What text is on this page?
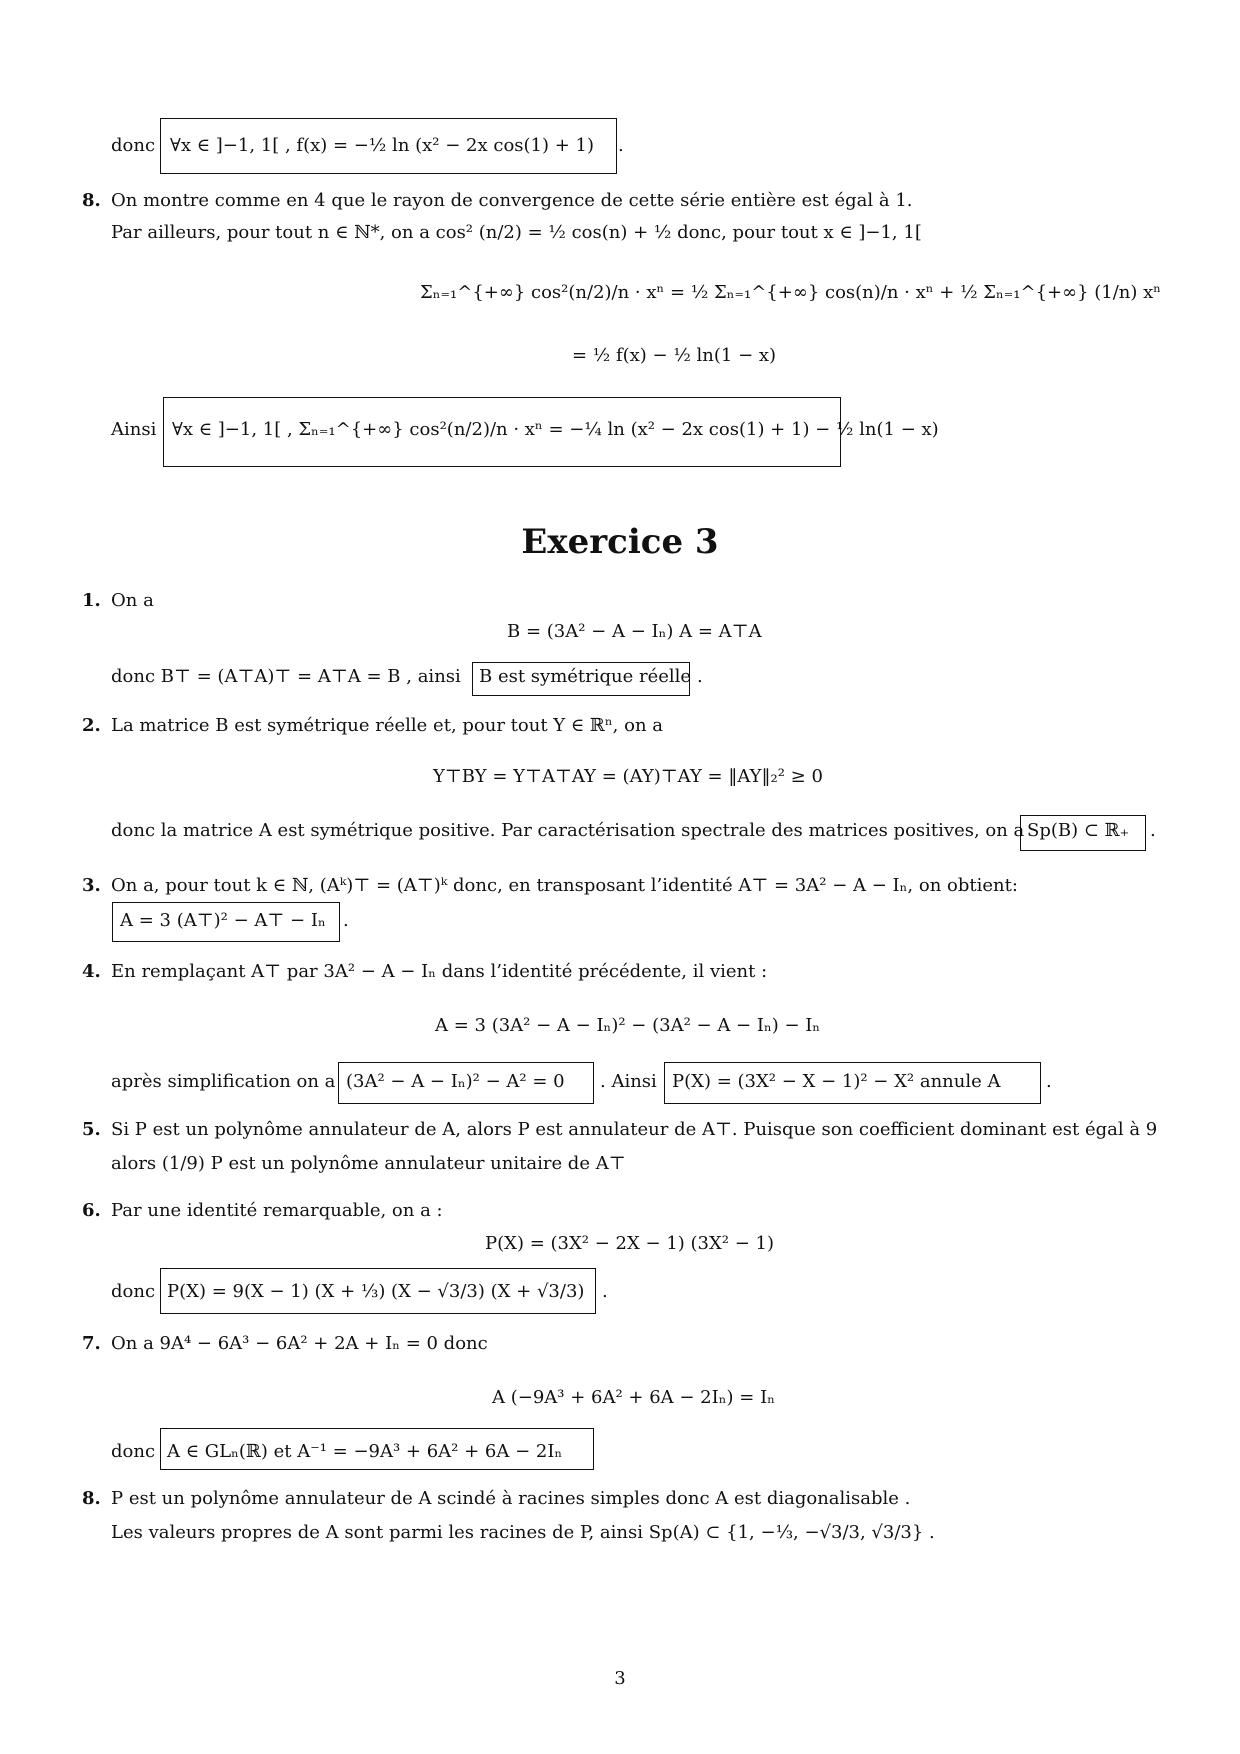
donc ∀x ∈ ]−1, 1[ , f(x) = −½ ln (x² − 2x cos(1) + 1) .
8. On montre comme en 4 que le rayon de convergence de cette série entière est égal à 1.
Par ailleurs, pour tout n ∈ ℕ*, on a cos² (n/2) = ½ cos(n) + ½ donc, pour tout x ∈ ]−1, 1[
Σₙ₌₁^{+∞} cos²(n/2)/n · xⁿ = ½ Σₙ₌₁^{+∞} cos(n)/n · xⁿ + ½ Σₙ₌₁^{+∞} (1/n) xⁿ
= ½ f(x) − ½ ln(1 − x)
Ainsi ∀x ∈ ]−1, 1[ , Σₙ₌₁^{+∞} cos²(n/2)/n · xⁿ = −¼ ln (x² − 2x cos(1) + 1) − ½ ln(1 − x)
Exercice 3
1. On a
B = (3A² − A − Iₙ) A = A⊤A
donc B⊤ = (A⊤A)⊤ = A⊤A = B , ainsi B est symétrique réelle .
2. La matrice B est symétrique réelle et, pour tout Y ∈ ℝⁿ, on a
Y⊤BY = Y⊤A⊤AY = (AY)⊤AY = ‖AY‖₂² ≥ 0
donc la matrice A est symétrique positive. Par caractérisation spectrale des matrices positives, on a Sp(B) ⊂ ℝ₊ .
3. On a, pour tout k ∈ ℕ, (Aᵏ)⊤ = (A⊤)ᵏ donc, en transposant l’identité A⊤ = 3A² − A − Iₙ, on obtient:
A = 3 (A⊤)² − A⊤ − Iₙ .
4. En remplaçant A⊤ par 3A² − A − Iₙ dans l’identité précédente, il vient :
A = 3 (3A² − A − Iₙ)² − (3A² − A − Iₙ) − Iₙ
après simplification on a (3A² − A − Iₙ)² − A² = 0 . Ainsi P(X) = (3X² − X − 1)² − X² annule A	.
5. Si P est un polynôme annulateur de A, alors P est annulateur de A⊤. Puisque son coefficient dominant est égal à 9
alors (1/9) P est un polynôme annulateur unitaire de A⊤
6. Par une identité remarquable, on a :
P(X) = (3X² − 2X − 1) (3X² − 1)
donc P(X) = 9(X − 1) (X + ⅓) (X − √3/3) (X + √3/3) .
7. On a 9A⁴ − 6A³ − 6A² + 2A + Iₙ = 0 donc
A (−9A³ + 6A² + 6A − 2Iₙ) = Iₙ
donc A ∈ GLₙ(ℝ) et A⁻¹ = −9A³ + 6A² + 6A − 2Iₙ
8. P est un polynôme annulateur de A scindé à racines simples donc A est diagonalisable .
Les valeurs propres de A sont parmi les racines de P, ainsi Sp(A) ⊂ {1, −⅓, −√3/3, √3/3} .
3
